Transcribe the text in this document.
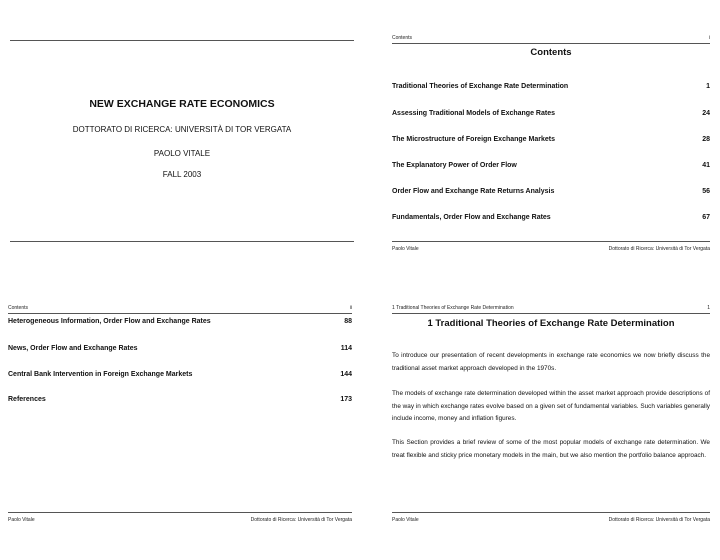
NEW EXCHANGE RATE ECONOMICS
DOTTORATO DI RICERCA: UNIVERSITÀ DI TOR VERGATA
PAOLO VITALE
FALL 2003
Contents	i
Contents
Traditional Theories of Exchange Rate Determination	1
Assessing Traditional Models of Exchange Rates	24
The Microstructure of Foreign Exchange Markets	28
The Explanatory Power of Order Flow	41
Order Flow and Exchange Rate Returns Analysis	56
Fundamentals, Order Flow and Exchange Rates	67
Paolo Vitale	Dottorato di Ricerca: Università di Tor Vergata
Contents	ii
Heterogeneous Information, Order Flow and Exchange Rates	88
News, Order Flow and Exchange Rates	114
Central Bank Intervention in Foreign Exchange Markets	144
References	173
Paolo Vitale	Dottorato di Ricerca: Università di Tor Vergata
1 Traditional Theories of Exchange Rate Determination	1
1 Traditional Theories of Exchange Rate Determination
To introduce our presentation of recent developments in exchange rate economics we now briefly discuss the traditional asset market approach developed in the 1970s.
The models of exchange rate determination developed within the asset market approach provide descriptions of the way in which exchange rates evolve based on a given set of fundamental variables. Such variables generally include income, money and inflation figures.
This Section provides a brief review of some of the most popular models of exchange rate determination. We treat flexible and sticky price monetary models in the main, but we also mention the portfolio balance approach.
Paolo Vitale	Dottorato di Ricerca: Università di Tor Vergata
